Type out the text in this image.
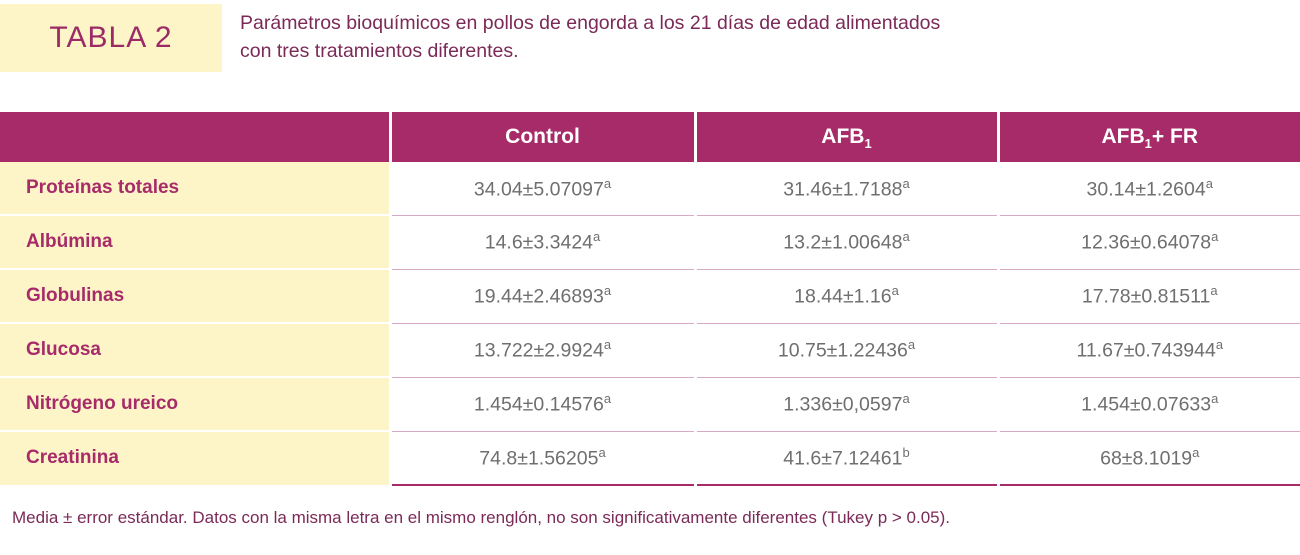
TABLA 2	Parámetros bioquímicos en pollos de engorda a los 21 días de edad alimentados
con tres tratamientos diferentes.
	Control	$AFB_1$	$AFB_1+$ FR
Proteínas totales	34.04±5.07097$^a$	31.46±1.7188$^a$	30.14±1.2604$^a$
Albúmina	14.6±3.3424$^a$	13.2±1.00648$^a$	12.36±0.64078$^a$
Globulinas	19.44±2.46893$^a$	18.44±1.16$^a$	17.78±0.81511$^a$
Glucosa	13.722±2.9924$^a$	10.75±1.22436$^a$	11.67±0.743944$^a$
Nitrógeno ureico	1.454±0.14576$^a$	1.336±0,0597$^a$	1.454±0.07633$^a$
Creatinina	74.8±1.56205$^a$	41.6±7.12461$^b$	68±8.1019$^a$
Media ± error estándar. Datos con la misma letra en el mismo renglón, no son significativamente diferentes (Tukey p > 0.05).
